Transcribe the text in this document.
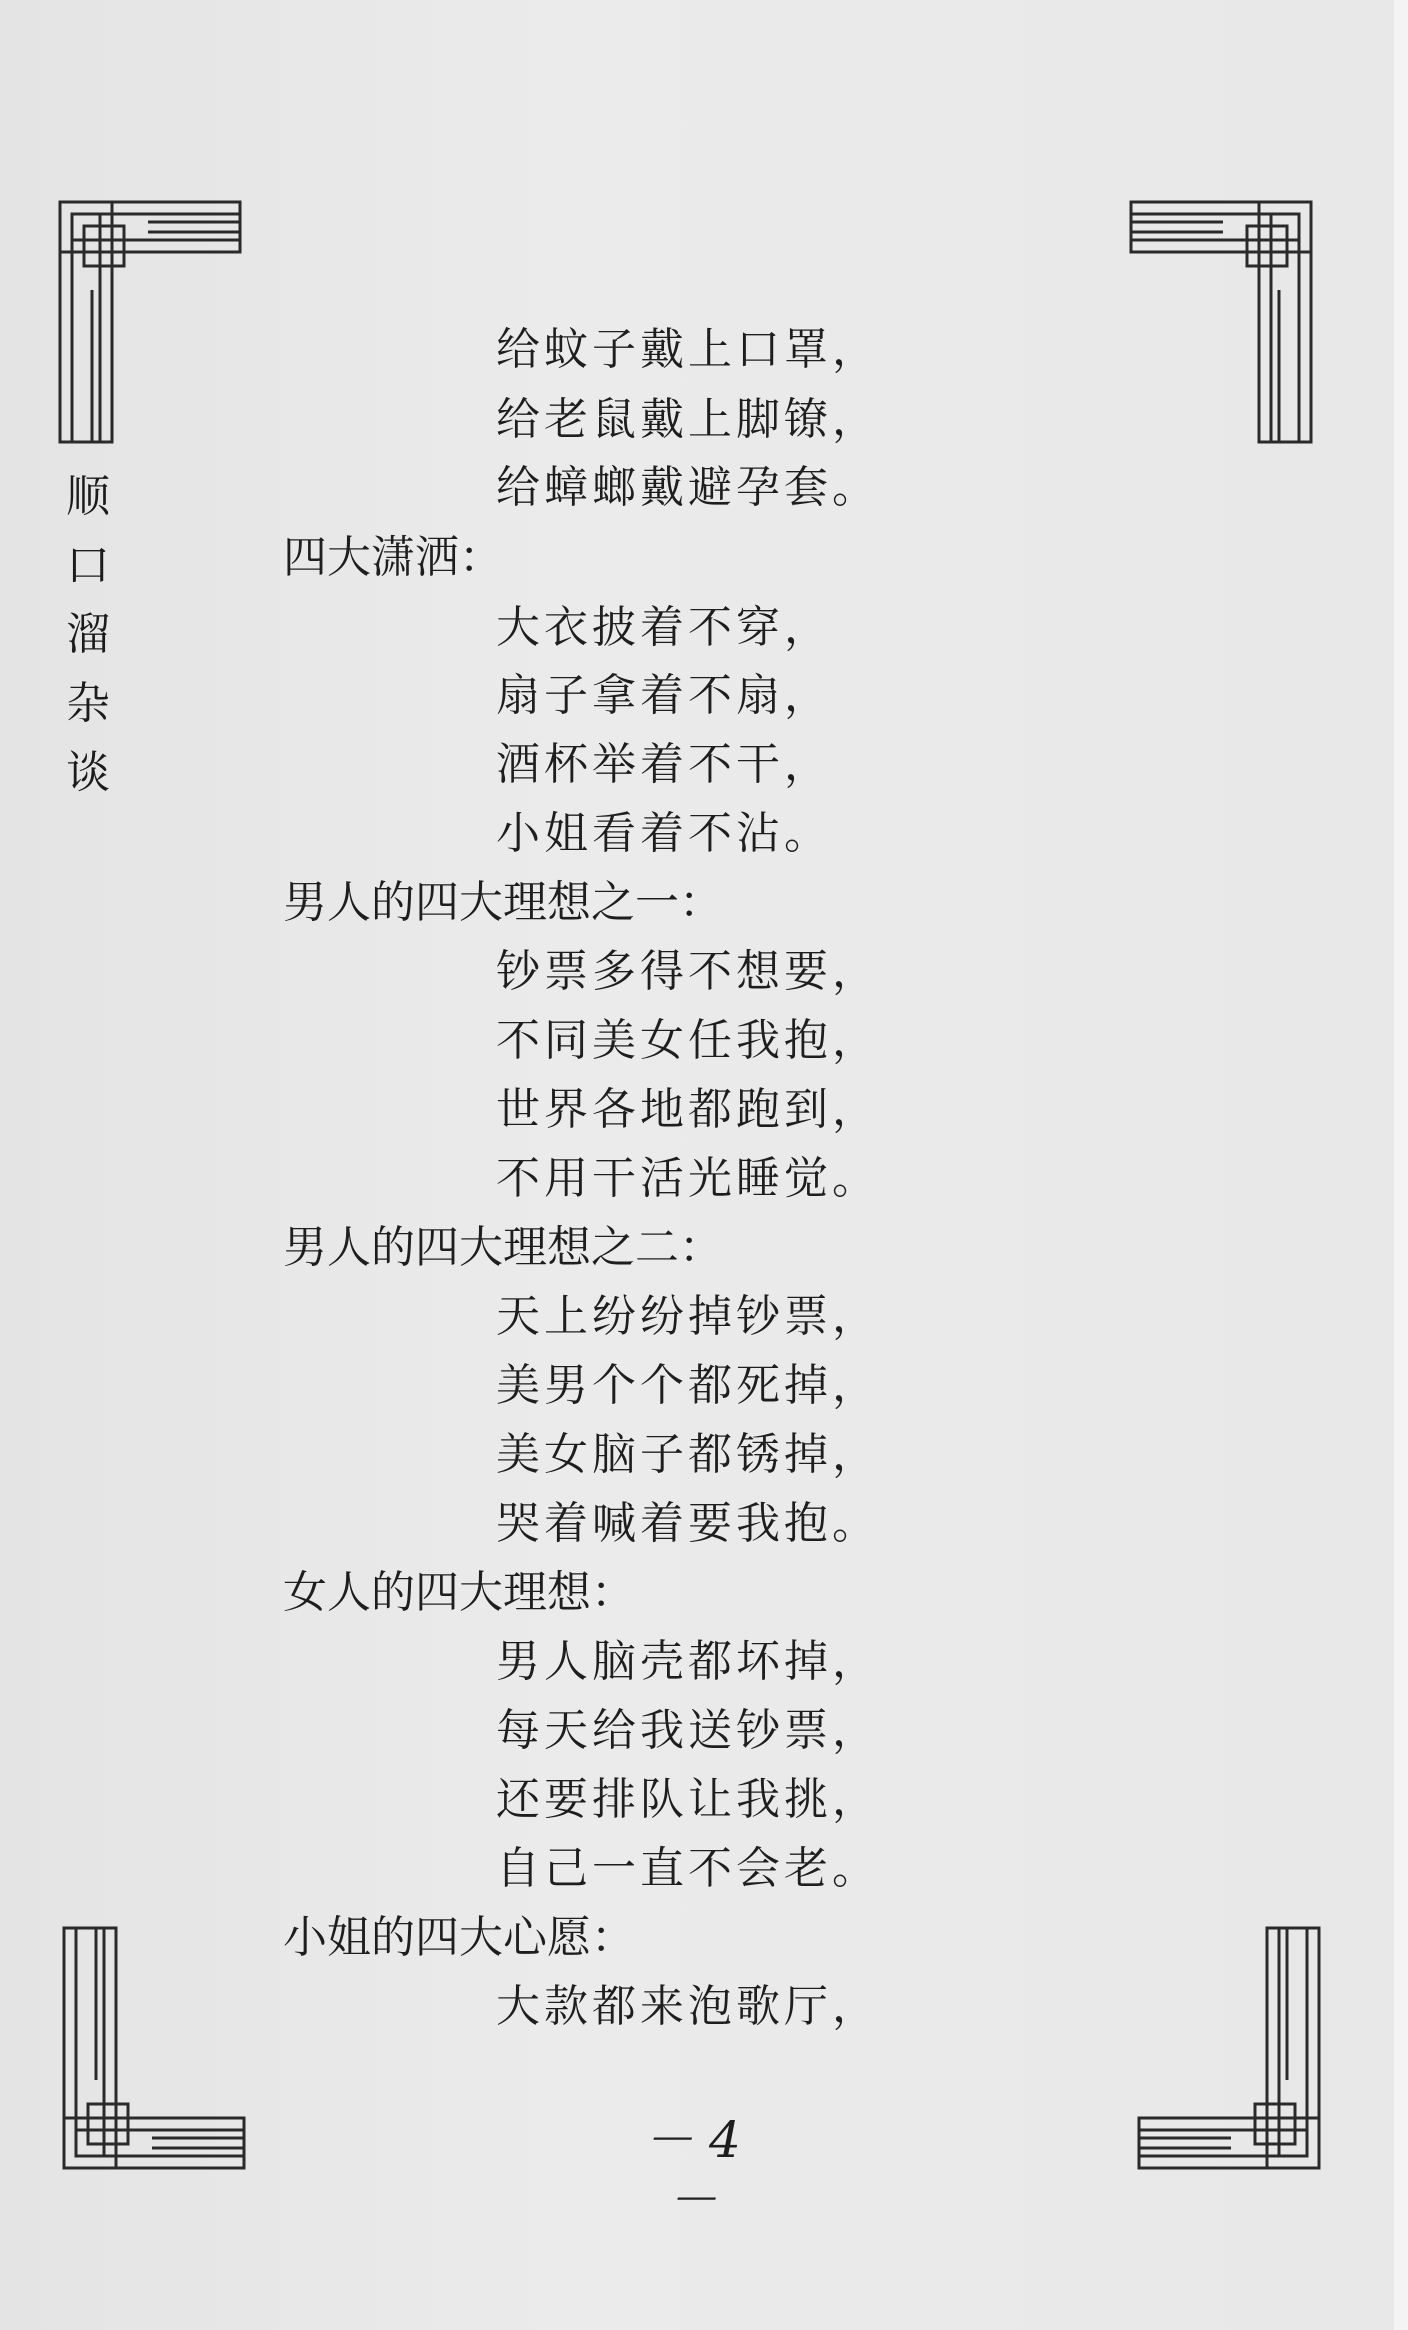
顺
口
溜
杂
谈
给蚊子戴上口罩，
给老鼠戴上脚镣，
给蟑螂戴避孕套。
四大潇洒：
大衣披着不穿，
扇子拿着不扇，
酒杯举着不干，
小姐看着不沾。
男人的四大理想之一：
钞票多得不想要，
不同美女任我抱，
世界各地都跑到，
不用干活光睡觉。
男人的四大理想之二：
天上纷纷掉钞票，
美男个个都死掉，
美女脑子都锈掉，
哭着喊着要我抱。
女人的四大理想：
男人脑壳都坏掉，
每天给我送钞票，
还要排队让我挑，
自己一直不会老。
小姐的四大心愿：
大款都来泡歌厅，
－ 4 －
